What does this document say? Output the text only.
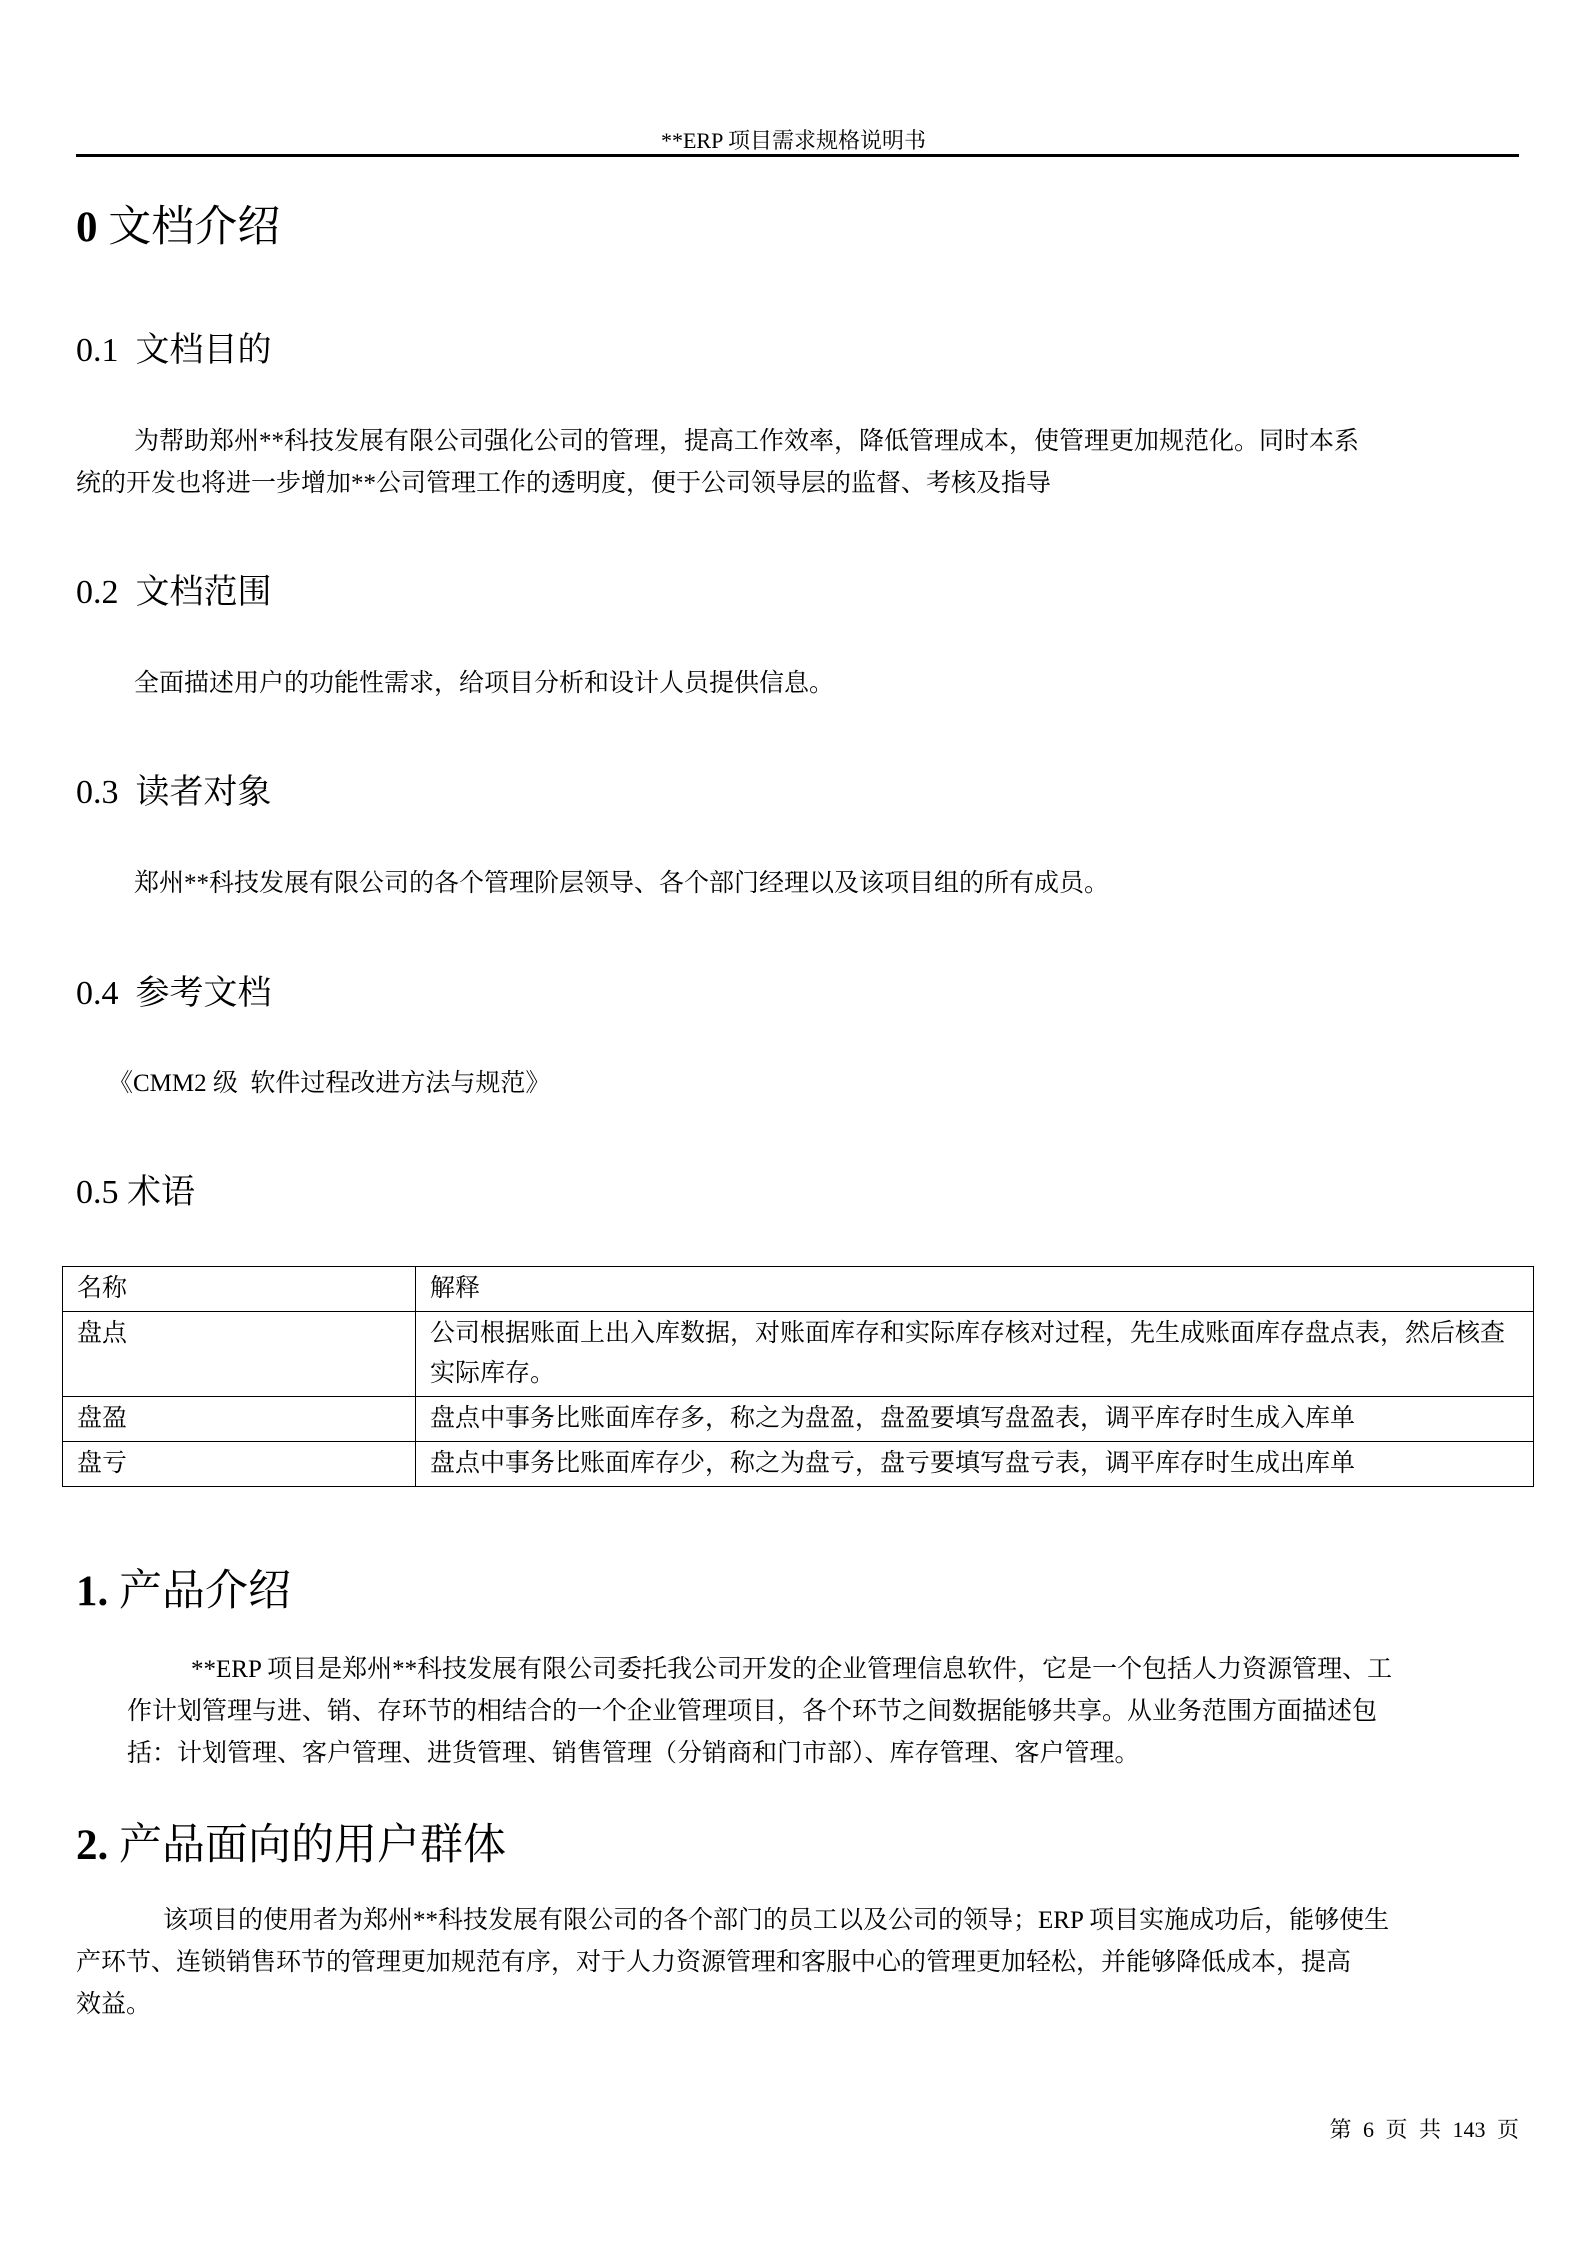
**ERP 项目需求规格说明书
0 文档介绍
0.1  文档目的
为帮助郑州**科技发展有限公司强化公司的管理，提高工作效率，降低管理成本，使管理更加规范化。同时本系
统的开发也将进一步增加**公司管理工作的透明度，便于公司领导层的监督、考核及指导
0.2  文档范围
全面描述用户的功能性需求，给项目分析和设计人员提供信息。
0.3  读者对象
郑州**科技发展有限公司的各个管理阶层领导、各个部门经理以及该项目组的所有成员。
0.4  参考文档
《CMM2 级  软件过程改进方法与规范》
0.5 术语
名称	解释
盘点	公司根据账面上出入库数据，对账面库存和实际库存核对过程，先生成账面库存盘点表，然后核查实际库存。
盘盈	盘点中事务比账面库存多，称之为盘盈，盘盈要填写盘盈表，调平库存时生成入库单
盘亏	盘点中事务比账面库存少，称之为盘亏，盘亏要填写盘亏表，调平库存时生成出库单
1. 产品介绍
**ERP 项目是郑州**科技发展有限公司委托我公司开发的企业管理信息软件，它是一个包括人力资源管理、工
作计划管理与进、销、存环节的相结合的一个企业管理项目，各个环节之间数据能够共享。从业务范围方面描述包
括：计划管理、客户管理、进货管理、销售管理（分销商和门市部）、库存管理、客户管理。
2. 产品面向的用户群体
该项目的使用者为郑州**科技发展有限公司的各个部门的员工以及公司的领导；ERP 项目实施成功后，能够使生
产环节、连锁销售环节的管理更加规范有序，对于人力资源管理和客服中心的管理更加轻松，并能够降低成本，提高
效益。
第 6 页 共 143 页
